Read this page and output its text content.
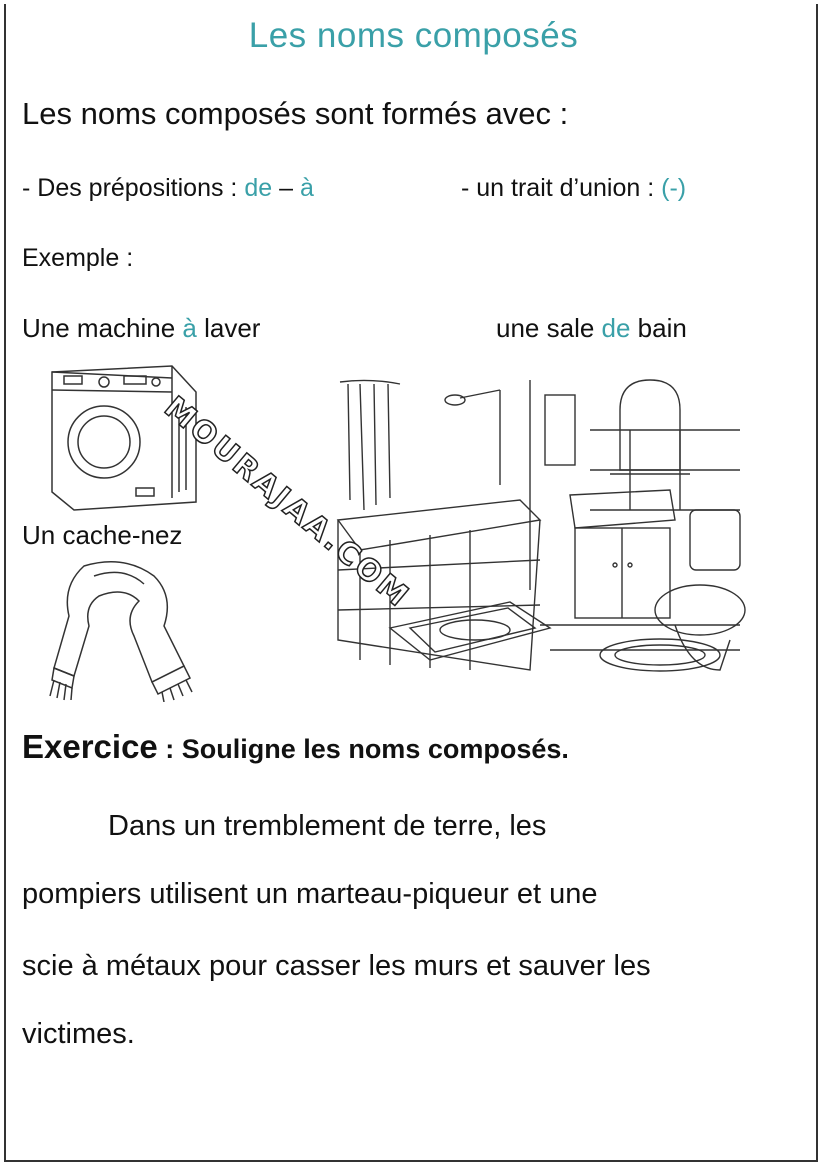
Les noms composés
Les noms composés sont formés avec :
- Des prépositions : de – à	- un trait d’union : (-)
Exemple :
Une machine à laver	une sale de bain
Un cache-nez
MOURAJAA.COM
Exercice : Souligne les noms composés.
Dans un tremblement de terre, les
pompiers utilisent un marteau-piqueur et une
scie à métaux pour casser les murs et sauver les
victimes.
